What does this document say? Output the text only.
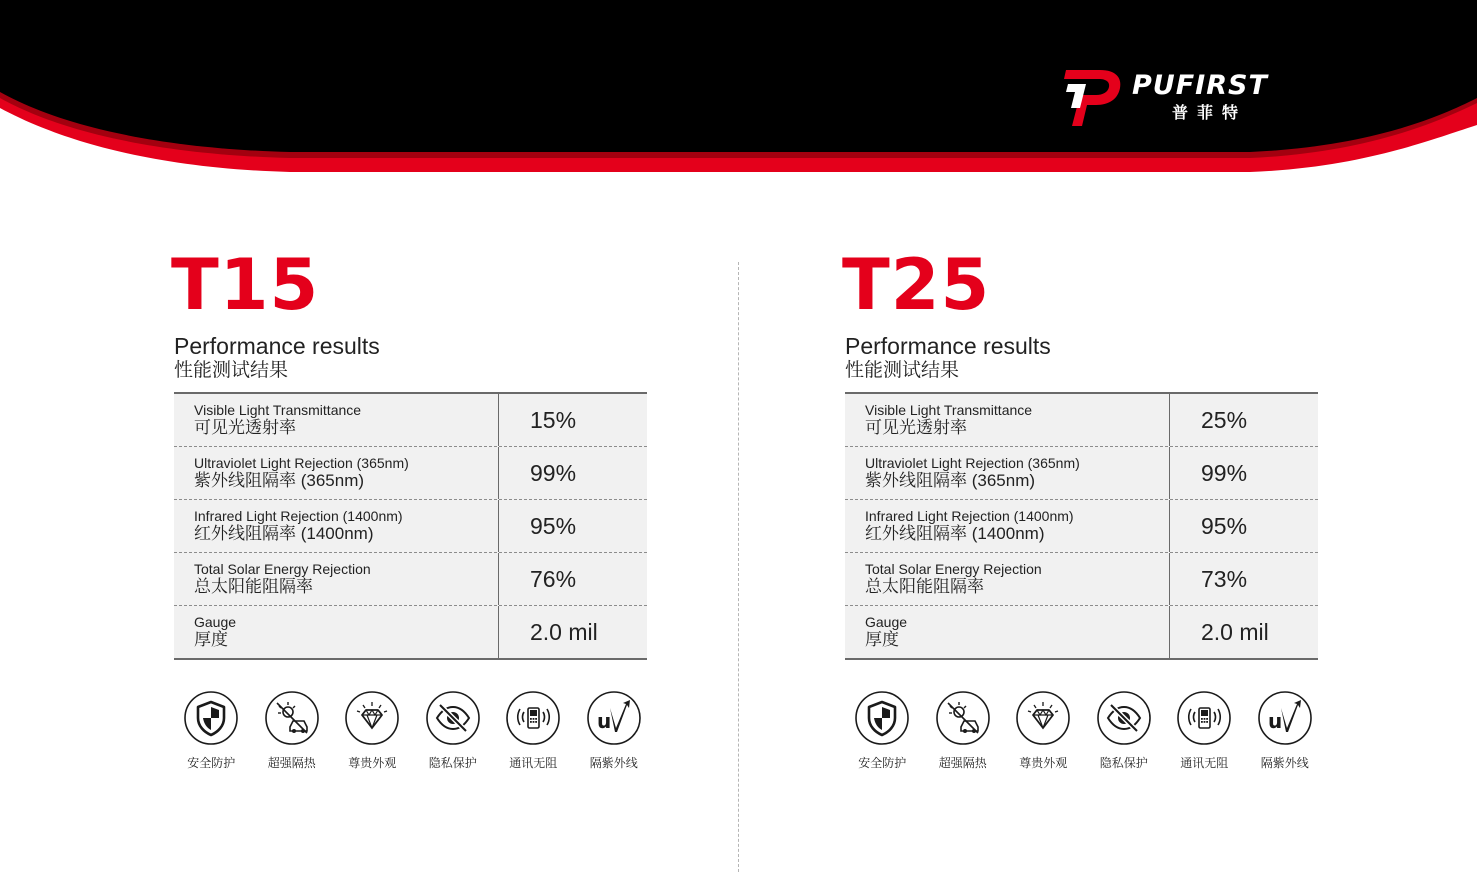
PUFIRST
普菲特
T15
Performance results
性能测试结果
Visible Light Transmittance
可见光透射率	15%
Ultraviolet Light Rejection (365nm)
紫外线阻隔率 (365nm)	99%
Infrared Light Rejection (1400nm)
红外线阻隔率 (1400nm)	95%
Total Solar Energy Rejection
总太阳能阻隔率	76%
Gauge
厚度	2.0 mil
安全防护	超强隔热	尊贵外观	隐私保护	通讯无阻
u
隔紫外线
T25
Performance results
性能测试结果
Visible Light Transmittance
可见光透射率	25%
Ultraviolet Light Rejection (365nm)
紫外线阻隔率 (365nm)	99%
Infrared Light Rejection (1400nm)
红外线阻隔率 (1400nm)	95%
Total Solar Energy Rejection
总太阳能阻隔率	73%
Gauge
厚度	2.0 mil
安全防护	超强隔热	尊贵外观	隐私保护	通讯无阻
u
隔紫外线
